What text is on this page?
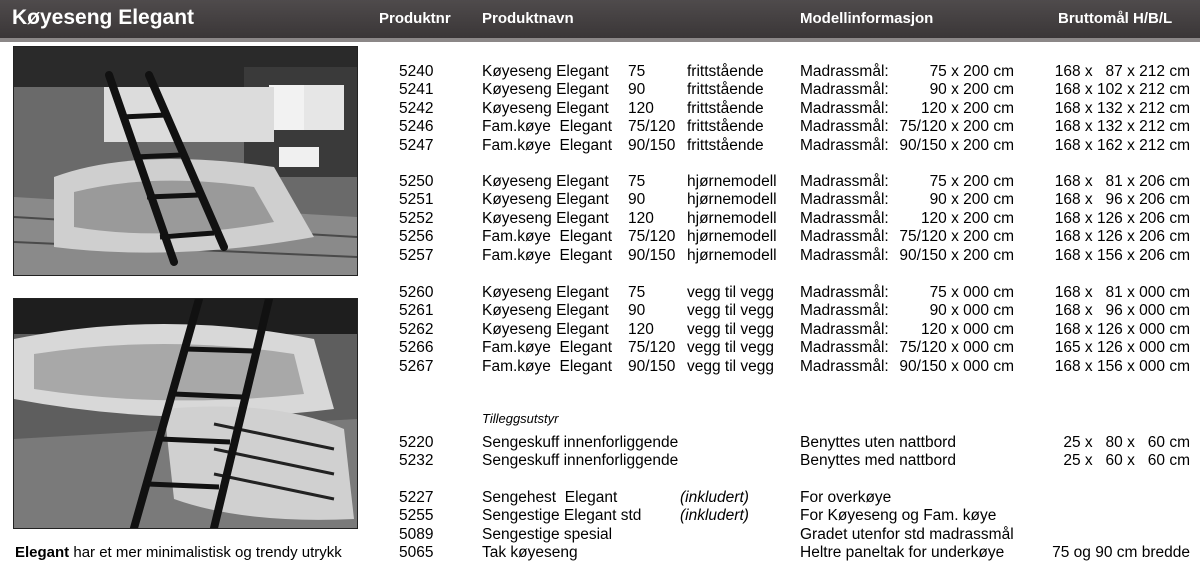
Køyeseng Elegant	Produktnr Produktnavn	Modellinformasjon	Bruttomål H/B/L
Elegant har et mer minimalistisk og trendy utrykk
5240	Køyeseng Elegant 75	frittstående Madrassmål:	75 x 200 cm	168 x   87 x 212 cm
5241	Køyeseng Elegant 90	frittstående Madrassmål:	90 x 200 cm	168 x 102 x 212 cm
5242	Køyeseng Elegant 120 frittstående Madrassmål:	120 x 200 cm	168 x 132 x 212 cm
5246	Fam.køye  Elegant 75/120 frittstående Madrassmål: 75/120 x 200 cm	168 x 132 x 212 cm
5247	Fam.køye  Elegant 90/150 frittstående Madrassmål: 90/150 x 200 cm	168 x 162 x 212 cm
5250	Køyeseng Elegant 75	hjørnemodell Madrassmål:	75 x 200 cm	168 x   81 x 206 cm
5251	Køyeseng Elegant 90	hjørnemodell Madrassmål:	90 x 200 cm	168 x   96 x 206 cm
5252	Køyeseng Elegant 120 hjørnemodell Madrassmål:	120 x 200 cm	168 x 126 x 206 cm
5256	Fam.køye  Elegant 75/120 hjørnemodell Madrassmål: 75/120 x 200 cm	168 x 126 x 206 cm
5257	Fam.køye  Elegant 90/150 hjørnemodell Madrassmål: 90/150 x 200 cm	168 x 156 x 206 cm
5260	Køyeseng Elegant 75	vegg til vegg Madrassmål:	75 x 000 cm	168 x   81 x 000 cm
5261	Køyeseng Elegant 90	vegg til vegg Madrassmål:	90 x 000 cm	168 x   96 x 000 cm
5262	Køyeseng Elegant 120 vegg til vegg Madrassmål:	120 x 000 cm	168 x 126 x 000 cm
5266	Fam.køye  Elegant 75/120 vegg til vegg Madrassmål: 75/120 x 000 cm	165 x 126 x 000 cm
5267	Fam.køye  Elegant 90/150 vegg til vegg Madrassmål: 90/150 x 000 cm	168 x 156 x 000 cm
5220	Sengeskuff innenforliggende	Benyttes uten nattbord	25 x   80 x   60 cm
5232	Sengeskuff innenforliggende	Benyttes med nattbord	25 x   60 x   60 cm
5227	Sengehest  Elegant	(inkludert)	For overkøye
5255	Sengestige Elegant std (inkludert)	For Køyeseng og Fam. køye
5089	Sengestige spesial	Gradet utenfor std madrassmål
5065	Tak køyeseng	Heltre paneltak for underkøye	75 og 90 cm bredde
Tilleggsutstyr
